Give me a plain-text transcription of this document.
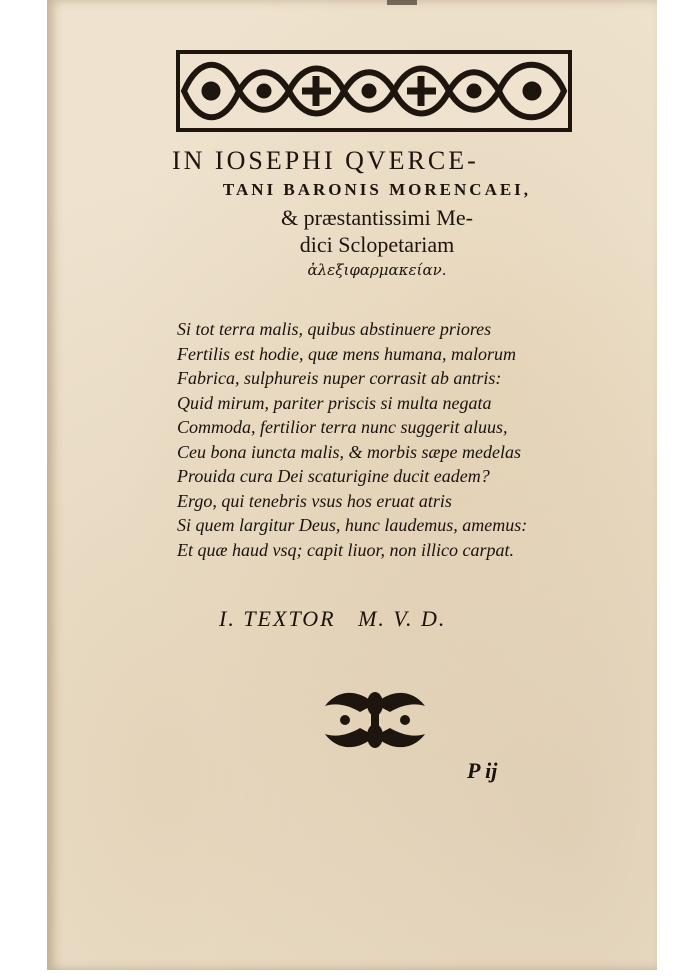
IN IOSEPHI QVERCE-
TANI BARONIS MORENCAEI,
& præstantissimi Me-
dici Sclopetariam
ἀλεξιφαρμακείαν.
Si tot terra malis, quibus abstinuere priores
Fertilis est hodie, quæ mens humana, malorum
Fabrica, sulphureis nuper corrasit ab antris:
Quid mirum, pariter priscis si multa negata
Commoda, fertilior terra nunc suggerit aluus,
Ceu bona iuncta malis, & morbis sæpe medelas
Prouida cura Dei scaturigine ducit eadem?
Ergo, qui tenebris vsus hos eruat atris
Si quem largitur Deus, hunc laudemus, amemus:
Et quæ haud vsq; capit liuor, non illico carpat.
I. TEXTOR   M. V. D.
P ij
